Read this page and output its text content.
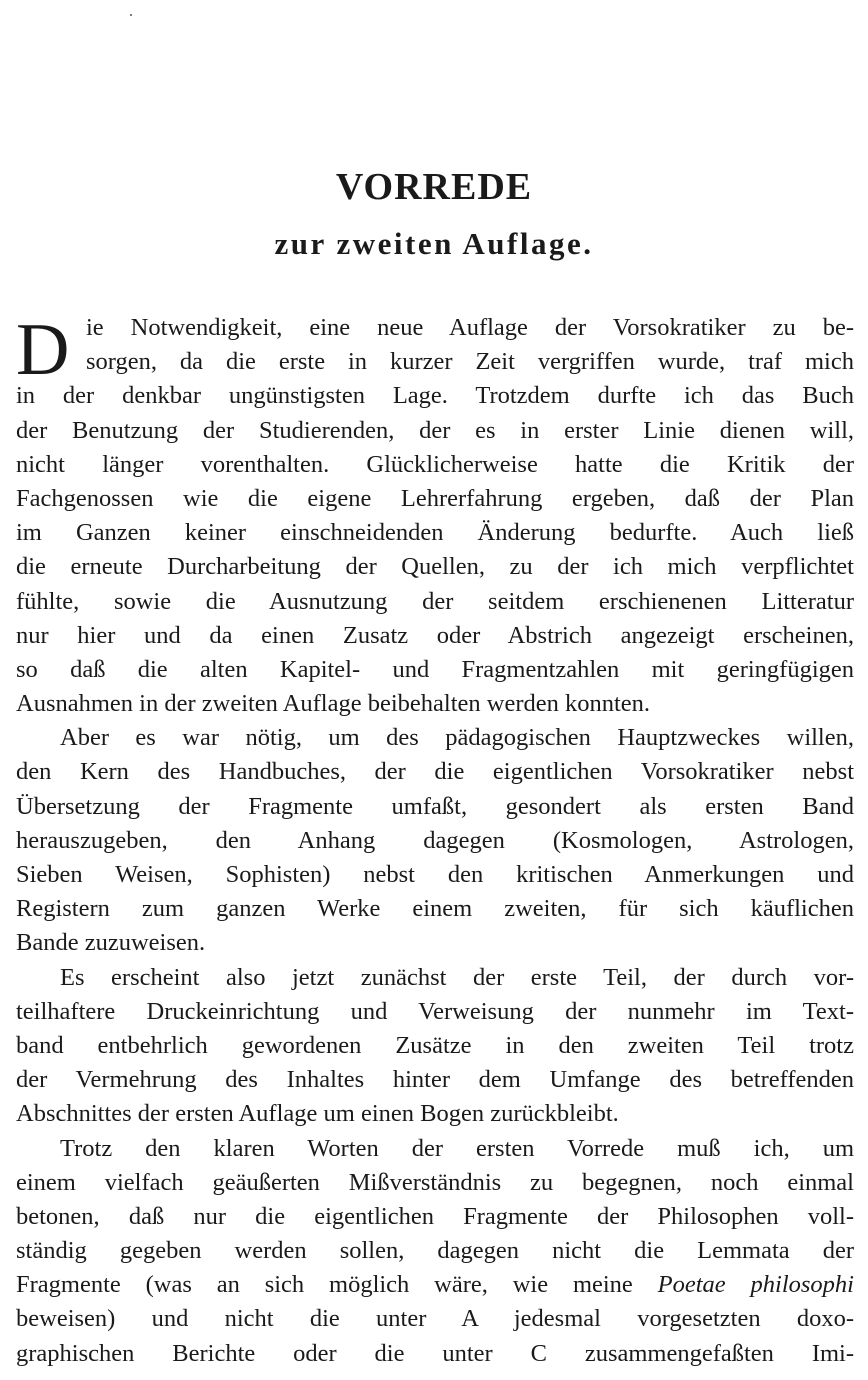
VORREDE
zur zweiten Auflage.
D ie Notwendigkeit, eine neue Auflage der Vorsokratiker zu be-
sorgen, da die erste in kurzer Zeit vergriffen wurde, traf mich
in der denkbar ungünstigsten Lage. Trotzdem durfte ich das Buch
der Benutzung der Studierenden, der es in erster Linie dienen will,
nicht länger vorenthalten. Glücklicherweise hatte die Kritik der
Fachgenossen wie die eigene Lehrerfahrung ergeben, daß der Plan
im Ganzen keiner einschneidenden Änderung bedurfte. Auch ließ
die erneute Durcharbeitung der Quellen, zu der ich mich verpflichtet
fühlte, sowie die Ausnutzung der seitdem erschienenen Litteratur
nur hier und da einen Zusatz oder Abstrich angezeigt erscheinen,
so daß die alten Kapitel- und Fragmentzahlen mit geringfügigen
Ausnahmen in der zweiten Auflage beibehalten werden konnten.
Aber es war nötig, um des pädagogischen Hauptzweckes willen,
den Kern des Handbuches, der die eigentlichen Vorsokratiker nebst
Übersetzung der Fragmente umfaßt, gesondert als ersten Band
herauszugeben, den Anhang dagegen (Kosmologen, Astrologen,
Sieben Weisen, Sophisten) nebst den kritischen Anmerkungen und
Registern zum ganzen Werke einem zweiten, für sich käuflichen
Bande zuzuweisen.
Es erscheint also jetzt zunächst der erste Teil, der durch vor-
teilhaftere Druckeinrichtung und Verweisung der nunmehr im Text-
band entbehrlich gewordenen Zusätze in den zweiten Teil trotz
der Vermehrung des Inhaltes hinter dem Umfange des betreffenden
Abschnittes der ersten Auflage um einen Bogen zurückbleibt.
Trotz den klaren Worten der ersten Vorrede muß ich, um
einem vielfach geäußerten Mißverständnis zu begegnen, noch einmal
betonen, daß nur die eigentlichen Fragmente der Philosophen voll-
ständig gegeben werden sollen, dagegen nicht die Lemmata der
Fragmente (was an sich möglich wäre, wie meine Poetae philosophi
beweisen) und nicht die unter A jedesmal vorgesetzten doxo-
graphischen Berichte oder die unter C zusammengefaßten Imi-
